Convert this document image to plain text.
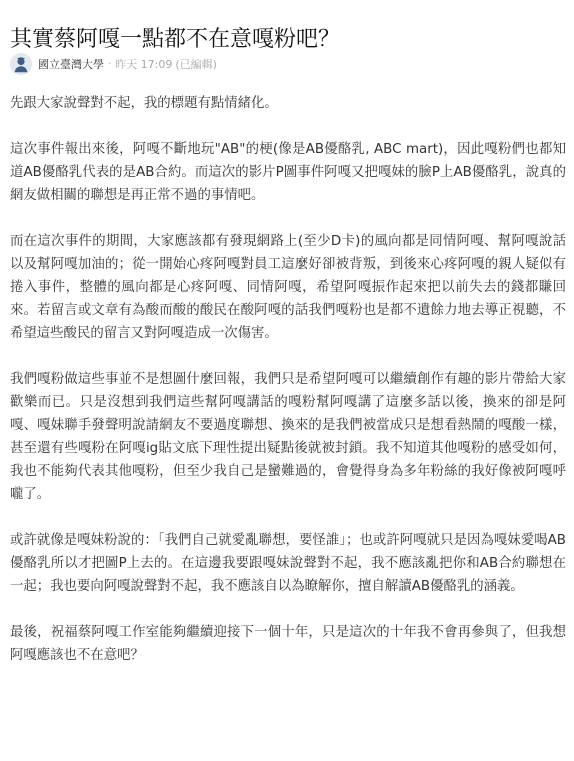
其實蔡阿嘎一點都不在意嘎粉吧？
國立臺灣大學 · 昨天 17:09 (已編輯)

先跟大家說聲對不起，我的標題有點情緒化。

這次事件報出來後，阿嘎不斷地玩"AB"的梗(像是AB優酪乳, ABC mart)，因此嘎粉們也都知道AB優酪乳代表的是AB合約。而這次的影片P圖事件阿嘎又把嘎妹的臉P上AB優酪乳，說真的網友做相關的聯想是再正常不過的事情吧。

而在這次事件的期間，大家應該都有發現網路上(至少D卡)的風向都是同情阿嘎、幫阿嘎說話以及幫阿嘎加油的；從一開始心疼阿嘎對員工這麼好卻被背叛，到後來心疼阿嘎的親人疑似有捲入事件，整體的風向都是心疼阿嘎、同情阿嘎，希望阿嘎振作起來把以前失去的錢都賺回來。若留言或文章有為酸而酸的酸民在酸阿嘎的話我們嘎粉也是都不遺餘力地去導正視聽，不希望這些酸民的留言又對阿嘎造成一次傷害。

我們嘎粉做這些事並不是想圖什麼回報，我們只是希望阿嘎可以繼續創作有趣的影片帶給大家歡樂而已。只是沒想到我們這些幫阿嘎講話的嘎粉幫阿嘎講了這麼多話以後，換來的卻是阿嘎、嘎妹聯手發聲明說請網友不要過度聯想、換來的是我們被當成只是想看熱鬧的嘎酸一樣，甚至還有些嘎粉在阿嘎ig貼文底下理性提出疑點後就被封鎖。我不知道其他嘎粉的感受如何，我也不能夠代表其他嘎粉，但至少我自己是蠻難過的，會覺得身為多年粉絲的我好像被阿嘎呼嚨了。

或許就像是嘎妹粉說的：「我們自己就愛亂聯想，要怪誰」；也或許阿嘎就只是因為嘎妹愛喝AB優酪乳所以才把圖P上去的。在這邊我要跟嘎妹說聲對不起，我不應該亂把你和AB合約聯想在一起；我也要向阿嘎說聲對不起，我不應該自以為瞭解你，擅自解讀AB優酪乳的涵義。

最後，祝福蔡阿嘎工作室能夠繼續迎接下一個十年，只是這次的十年我不會再參與了，但我想阿嘎應該也不在意吧？
